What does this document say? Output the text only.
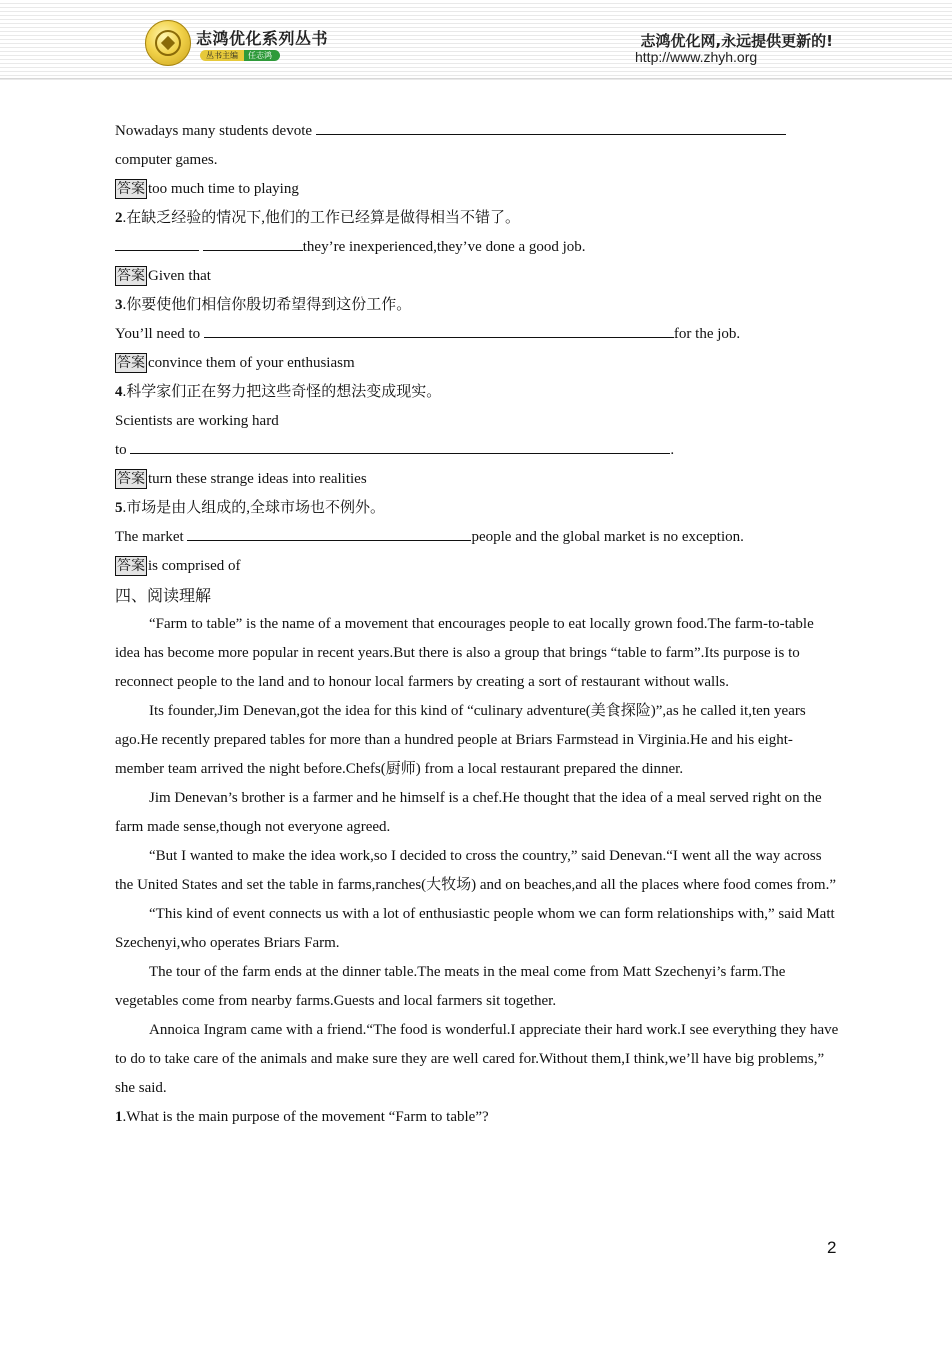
志鸿优化系列丛书
丛书主编	任志鸿
志鸿优化网,永远提供更新的!
http://www.zhyh.org
Nowadays many students devote
computer games.
答案 too much time to playing
2.在缺乏经验的情况下,他们的工作已经算是做得相当不错了。
they’re inexperienced,they’ve done a good job.
答案 Given that
3.你要使他们相信你殷切希望得到这份工作。
You’ll need to	for the job.
答案 convince them of your enthusiasm
4.科学家们正在努力把这些奇怪的想法变成现实。
Scientists are working hard
to	.
答案 turn these strange ideas into realities
5.市场是由人组成的,全球市场也不例外。
The market	people and the global market is no exception.
答案 is comprised of
四、阅读理解
“Farm to table” is the name of a movement that encourages people to eat locally grown food.The farm-to-table idea has become more popular in recent years.But there is also a group that brings “table to farm”.Its purpose is to reconnect people to the land and to honour local farmers by creating a sort of restaurant without walls.
Its founder,Jim Denevan,got the idea for this kind of “culinary adventure(美食探险)”,as he called it,ten years ago.He recently prepared tables for more than a hundred people at Briars Farmstead in Virginia.He and his eight-member team arrived the night before.Chefs(厨师) from a local restaurant prepared the dinner.
Jim Denevan’s brother is a farmer and he himself is a chef.He thought that the idea of a meal served right on the farm made sense,though not everyone agreed.
“But I wanted to make the idea work,so I decided to cross the country,” said Denevan.“I went all the way across the United States and set the table in farms,ranches(大牧场) and on beaches,and all the places where food comes from.”
“This kind of event connects us with a lot of enthusiastic people whom we can form relationships with,” said Matt Szechenyi,who operates Briars Farm.
The tour of the farm ends at the dinner table.The meats in the meal come from Matt Szechenyi’s farm.The vegetables come from nearby farms.Guests and local farmers sit together.
Annoica Ingram came with a friend.“The food is wonderful.I appreciate their hard work.I see everything they have to do to take care of the animals and make sure they are well cared for.Without them,I think,we’ll have big problems,” she said.
1.What is the main purpose of the movement “Farm to table”?
2
